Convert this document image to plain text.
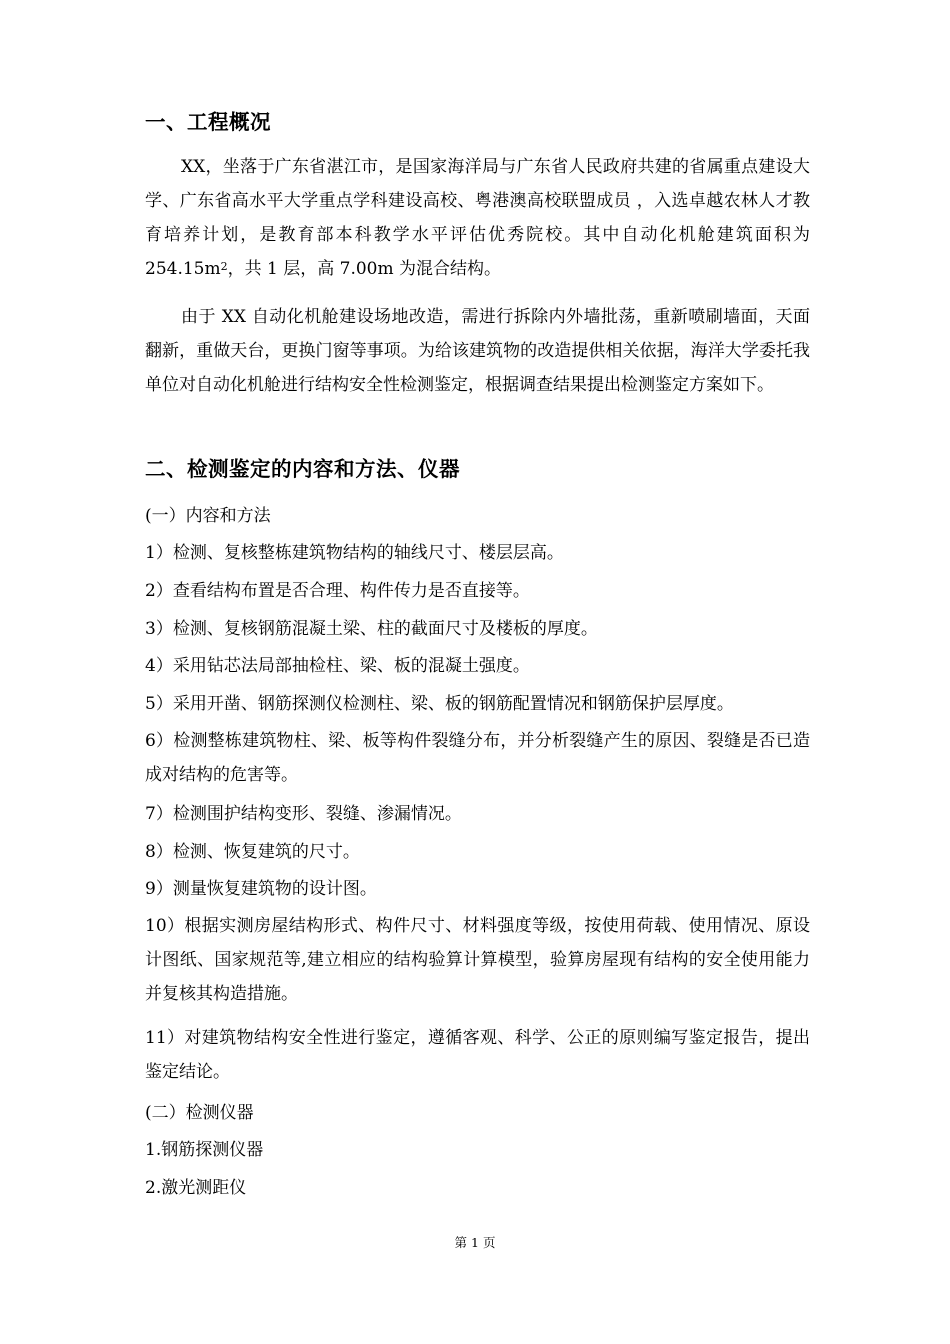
一、工程概况

XX，坐落于广东省湛江市，是国家海洋局与广东省人民政府共建的省属重点建设大学、广东省高水平大学重点学科建设高校、粤港澳高校联盟成员 ，入选卓越农林人才教育培养计划，是教育部本科教学水平评估优秀院校。其中自动化机舱建筑面积为 $254.15m^2$，共 1 层，高 7.00m 为混合结构。

由于 XX 自动化机舱建设场地改造，需进行拆除内外墙批荡，重新喷刷墙面，天面翻新，重做天台，更换门窗等事项。为给该建筑物的改造提供相关依据，海洋大学委托我单位对自动化机舱进行结构安全性检测鉴定，根据调查结果提出检测鉴定方案如下。

二、检测鉴定的内容和方法、仪器

(一）内容和方法

1）检测、复核整栋建筑物结构的轴线尺寸、楼层层高。

2）查看结构布置是否合理、构件传力是否直接等。

3）检测、复核钢筋混凝土梁、柱的截面尺寸及楼板的厚度。

4）采用钻芯法局部抽检柱、梁、板的混凝土强度。

5）采用开凿、钢筋探测仪检测柱、梁、板的钢筋配置情况和钢筋保护层厚度。

6）检测整栋建筑物柱、梁、板等构件裂缝分布，并分析裂缝产生的原因、裂缝是否已造成对结构的危害等。

7）检测围护结构变形、裂缝、渗漏情况。

8）检测、恢复建筑的尺寸。

9）测量恢复建筑物的设计图。

10）根据实测房屋结构形式、构件尺寸、材料强度等级，按使用荷载、使用情况、原设计图纸、国家规范等,建立相应的结构验算计算模型，验算房屋现有结构的安全使用能力并复核其构造措施。

11）对建筑物结构安全性进行鉴定，遵循客观、科学、公正的原则编写鉴定报告，提出鉴定结论。

(二）检测仪器

1.钢筋探测仪器

2.激光测距仪

第 1 页
